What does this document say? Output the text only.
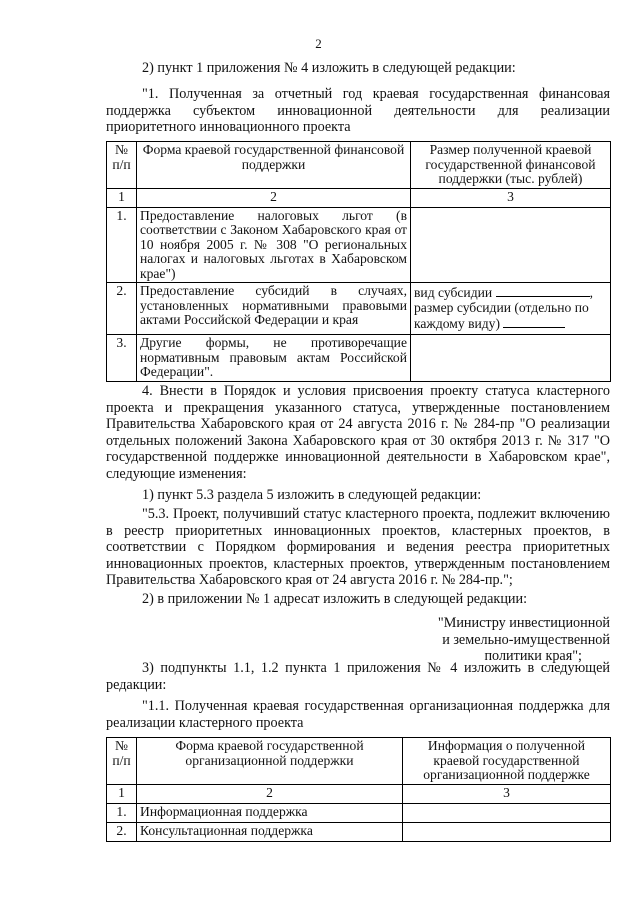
2
2) пункт 1 приложения № 4 изложить в следующей редакции:
"1. Полученная за отчетный год краевая государственная финансовая поддержка субъектом инновационной деятельности для реализации приоритетного инновационного проекта
№ п/п	Форма краевой государственной финансовой поддержки	Размер полученной краевой государственной финансовой поддержки (тыс. рублей)
1	2	3
1.	Предоставление налоговых льгот (в соответствии с Законом Хабаровского края от 10 ноября 2005 г. № 308 "О региональных налогах и налоговых льготах в Хабаровском крае")	
2.	Предоставление субсидий в случаях, установленных нормативными правовыми актами Российской Федерации и края	вид субсидии ,
размер субсидии (отдельно по каждому виду)
3.	Другие формы, не противоречащие нормативным правовым актам Российской Федерации".	
4. Внести в Порядок и условия присвоения проекту статуса кластерного проекта и прекращения указанного статуса, утвержденные постановлением Правительства Хабаровского края от 24 августа 2016 г. № 284-пр "О реализации отдельных положений Закона Хабаровского края от 30 октября 2013 г. № 317 "О государственной поддержке инновационной деятельности в Хабаровском крае", следующие изменения:
1) пункт 5.3 раздела 5 изложить в следующей редакции:
"5.3. Проект, получивший статус кластерного проекта, подлежит включению в реестр приоритетных инновационных проектов, кластерных проектов, в соответствии с Порядком формирования и ведения реестра приоритетных инновационных проектов, кластерных проектов, утвержденным постановлением Правительства Хабаровского края от 24 августа 2016 г. № 284-пр.";
2) в приложении № 1 адресат изложить в следующей редакции:
"Министру инвестиционной
и земельно-имущественной
политики края";
3) подпункты 1.1, 1.2 пункта 1 приложения № 4 изложить в следующей редакции:
"1.1. Полученная краевая государственная организационная поддержка для реализации кластерного проекта
№ п/п	Форма краевой государственной организационной поддержки	Информация о полученной краевой государственной организационной поддержке
1	2	3
1.	Информационная поддержка	
2.	Консультационная поддержка	
